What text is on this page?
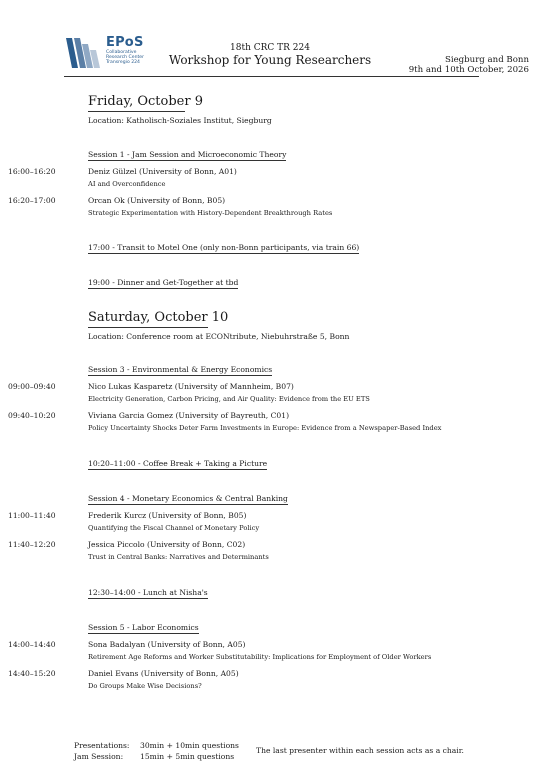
EPoS
Collaborative
Research Center
Transregio 224
18th CRC TR 224
Workshop for Young Researchers	Siegburg and Bonn
9th and 10th October, 2026
Friday, October 9
Location: Katholisch-Soziales Institut, Siegburg
Session 1 - Jam Session and Microeconomic Theory
16:00–16:20	Deniz Gülzel (University of Bonn, A01)
AI and Overconfidence
16:20–17:00	Orcan Ok (University of Bonn, B05)
Strategic Experimentation with History-Dependent Breakthrough Rates
17:00 - Transit to Motel One (only non-Bonn participants, via train 66)
19:00 - Dinner and Get-Together at tbd
Saturday, October 10
Location: Conference room at ECONtribute, Niebuhrstraße 5, Bonn
Session 3 - Environmental & Energy Economics
09:00–09:40	Nico Lukas Kasparetz (University of Mannheim, B07)
Electricity Generation, Carbon Pricing, and Air Quality: Evidence from the EU ETS
09:40–10:20	Viviana Garcia Gomez (University of Bayreuth, C01)
Policy Uncertainty Shocks Deter Farm Investments in Europe: Evidence from a Newspaper-Based Index
10:20–11:00 - Coffee Break + Taking a Picture
Session 4 - Monetary Economics & Central Banking
11:00–11:40	Frederik Kurcz (University of Bonn, B05)
Quantifying the Fiscal Channel of Monetary Policy
11:40–12:20	Jessica Piccolo (University of Bonn, C02)
Trust in Central Banks: Narratives and Determinants
12:30–14:00 - Lunch at Nisha's
Session 5 - Labor Economics
14:00–14:40	Sona Badalyan (University of Bonn, A05)
Retirement Age Reforms and Worker Substitutability: Implications for Employment of Older Workers
14:40–15:20	Daniel Evans (University of Bonn, A05)
Do Groups Make Wise Decisions?
Presentations: 30min + 10min questions
Jam Session: 15min + 5min questions
The last presenter within each session acts as a chair.
